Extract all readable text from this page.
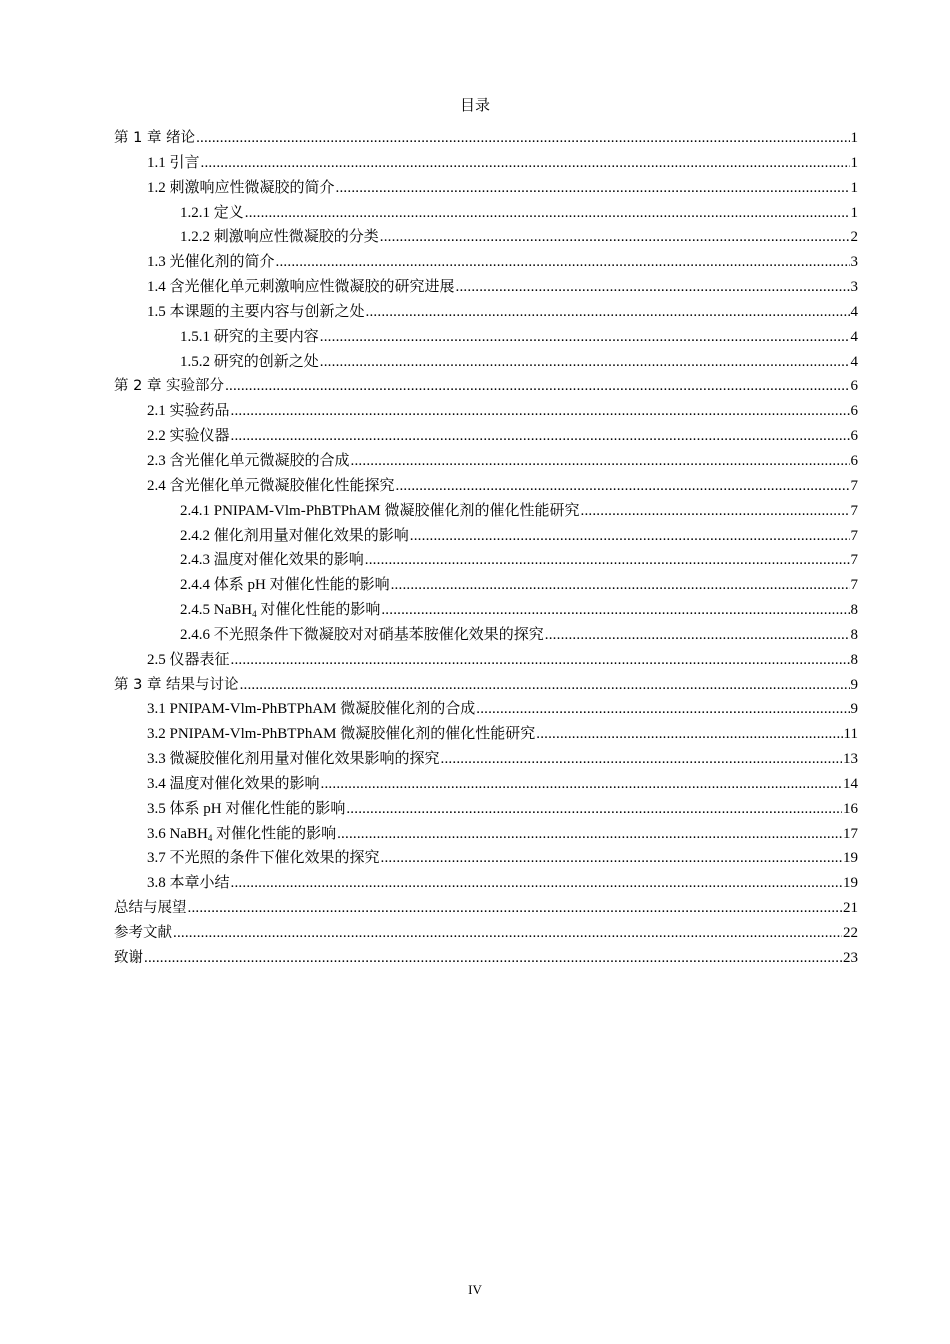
目录
第 1 章 绪论 .....	1
1.1 引言 .....	1
1.2 刺激响应性微凝胶的简介 .....	1
1.2.1 定义 .....	1
1.2.2 刺激响应性微凝胶的分类 .....	2
1.3 光催化剂的简介 .....	3
1.4 含光催化单元刺激响应性微凝胶的研究进展 .....	3
1.5 本课题的主要内容与创新之处 .....	4
1.5.1 研究的主要内容 .....	4
1.5.2 研究的创新之处 .....	4
第 2 章 实验部分 .....	6
2.1 实验药品 .....	6
2.2 实验仪器 .....	6
2.3 含光催化单元微凝胶的合成 .....	6
2.4 含光催化单元微凝胶催化性能探究 .....	7
2.4.1 PNIPAM-Vlm-PhBTPhAM 微凝胶催化剂的催化性能研究 .....	7
2.4.2 催化剂用量对催化效果的影响 .....	7
2.4.3 温度对催化效果的影响 .....	7
2.4.4 体系 pH 对催化性能的影响 .....	7
2.4.5 NaBH$_4$ 对催化性能的影响 .....	8
2.4.6 不光照条件下微凝胶对对硝基苯胺催化效果的探究 .....	8
2.5 仪器表征 .....	8
第 3 章 结果与讨论 .....	9
3.1 PNIPAM-Vlm-PhBTPhAM 微凝胶催化剂的合成 .....	9
3.2 PNIPAM-Vlm-PhBTPhAM 微凝胶催化剂的催化性能研究 .....	11
3.3 微凝胶催化剂用量对催化效果影响的探究 .....	13
3.4 温度对催化效果的影响 .....	14
3.5 体系 pH 对催化性能的影响 .....	16
3.6 NaBH$_4$ 对催化性能的影响 .....	17
3.7 不光照的条件下催化效果的探究 .....	19
3.8 本章小结 .....	19
总结与展望 .....	21
参考文献 .....	22
致谢 .....	23
IV
